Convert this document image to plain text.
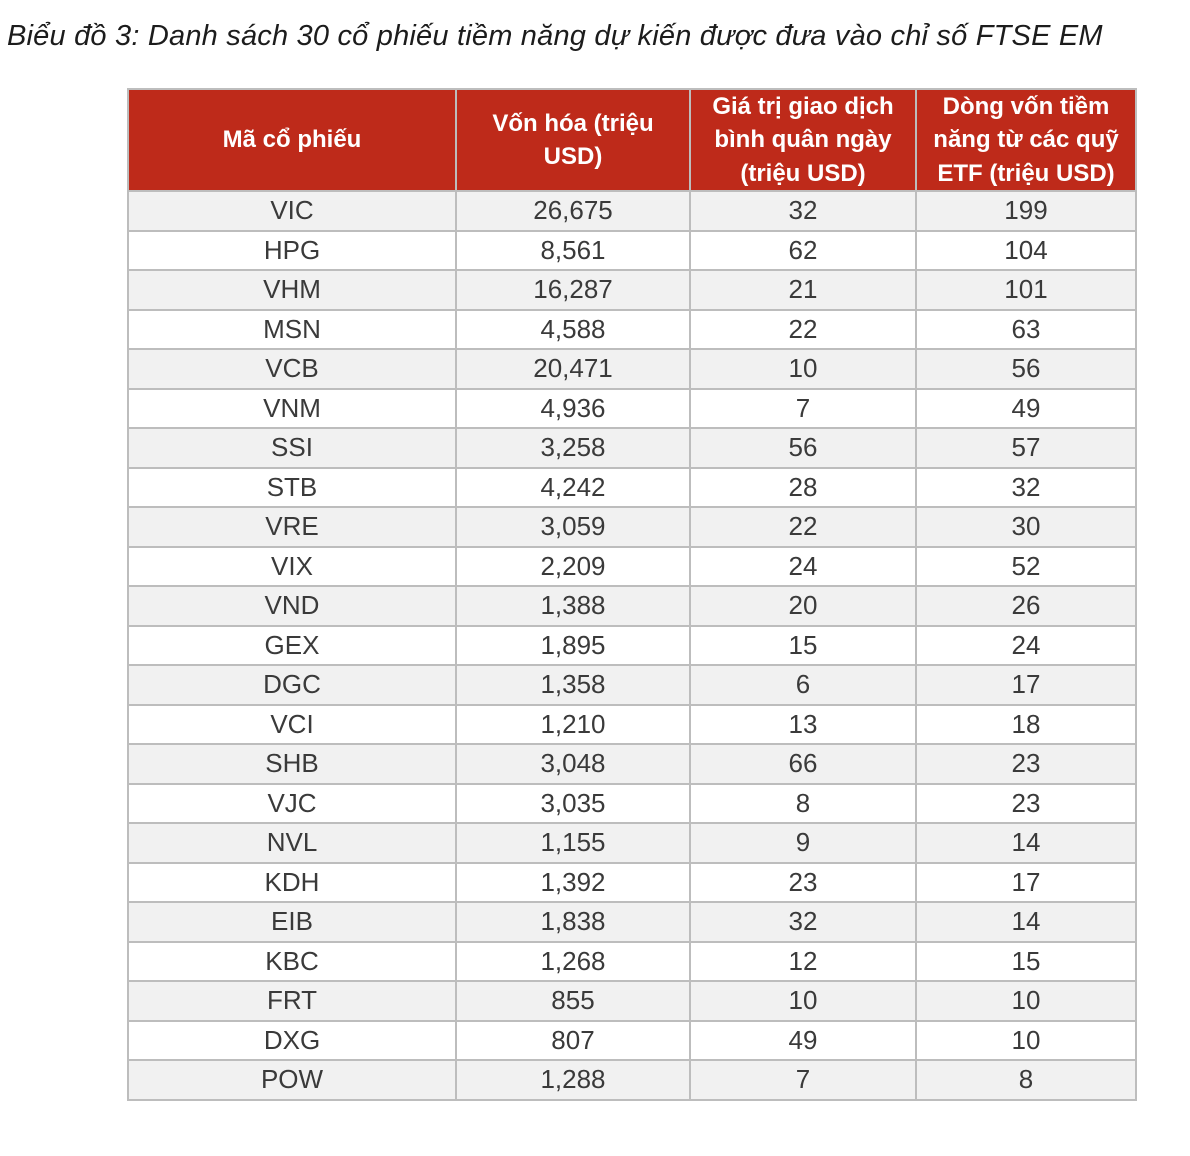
Biểu đồ 3: Danh sách 30 cổ phiếu tiềm năng dự kiến được đưa vào chỉ số FTSE EM
Mã cổ phiếu	Vốn hóa (triệu USD)	Giá trị giao dịch bình quân ngày (triệu USD)	Dòng vốn tiềm năng từ các quỹ ETF (triệu USD)
VIC	26,675	32	199
HPG	8,561	62	104
VHM	16,287	21	101
MSN	4,588	22	63
VCB	20,471	10	56
VNM	4,936	7	49
SSI	3,258	56	57
STB	4,242	28	32
VRE	3,059	22	30
VIX	2,209	24	52
VND	1,388	20	26
GEX	1,895	15	24
DGC	1,358	6	17
VCI	1,210	13	18
SHB	3,048	66	23
VJC	3,035	8	23
NVL	1,155	9	14
KDH	1,392	23	17
EIB	1,838	32	14
KBC	1,268	12	15
FRT	855	10	10
DXG	807	49	10
POW	1,288	7	8
